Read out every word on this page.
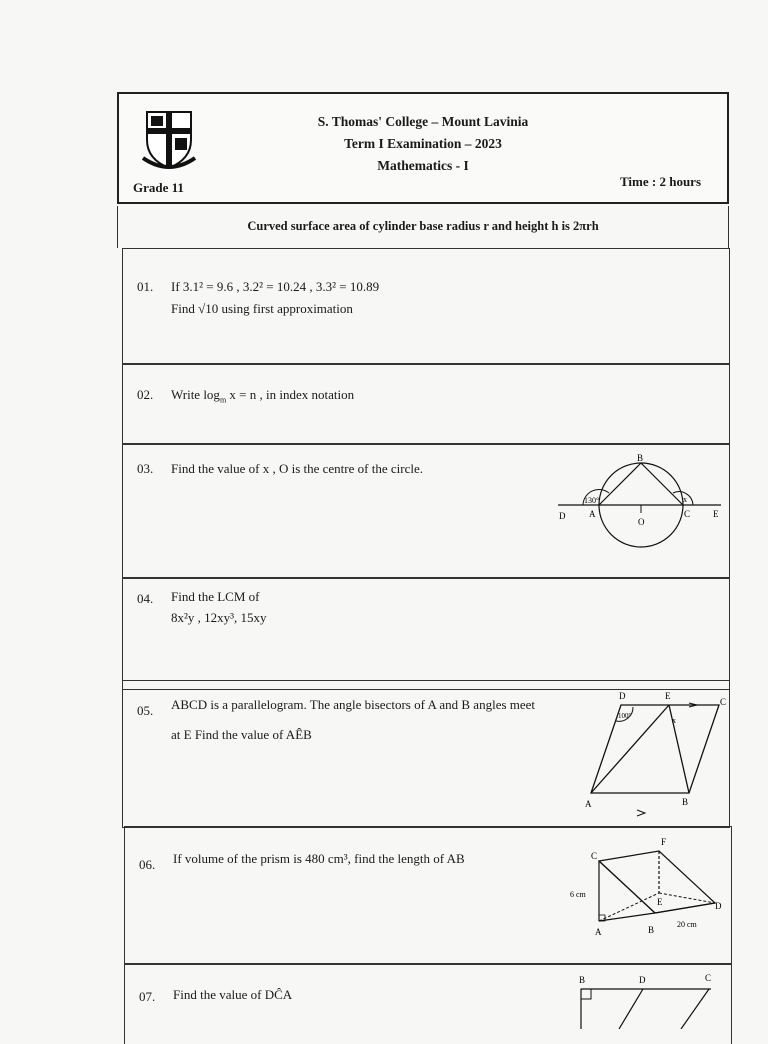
S. Thomas' College – Mount Lavinia
Term I Examination – 2023
Mathematics - I
Grade 11	Time : 2 hours
Curved surface area of cylinder base radius r and height h is 2πrh
01. If 3.1² = 9.6 , 3.2² = 10.24 , 3.3² = 10.89
Find √10 using first approximation
02. Write $\log_m x = n$ , in index notation
03. Find the value of x , O is the centre of the circle.
B
D	A
O
C	E
130°	x
04. Find the LCM of
8x²y , 12xy³, 15xy
05. ABCD is a parallelogram. The angle bisectors of A and B angles meet
at E Find the value of AÊB
100°	x
D	E
C
A	B
06. If volume of the prism is 480 cm³, find the length of AB
F
C
E	D
A	B
6 cm
20 cm
07. Find the value of DĈA
B	D	C
